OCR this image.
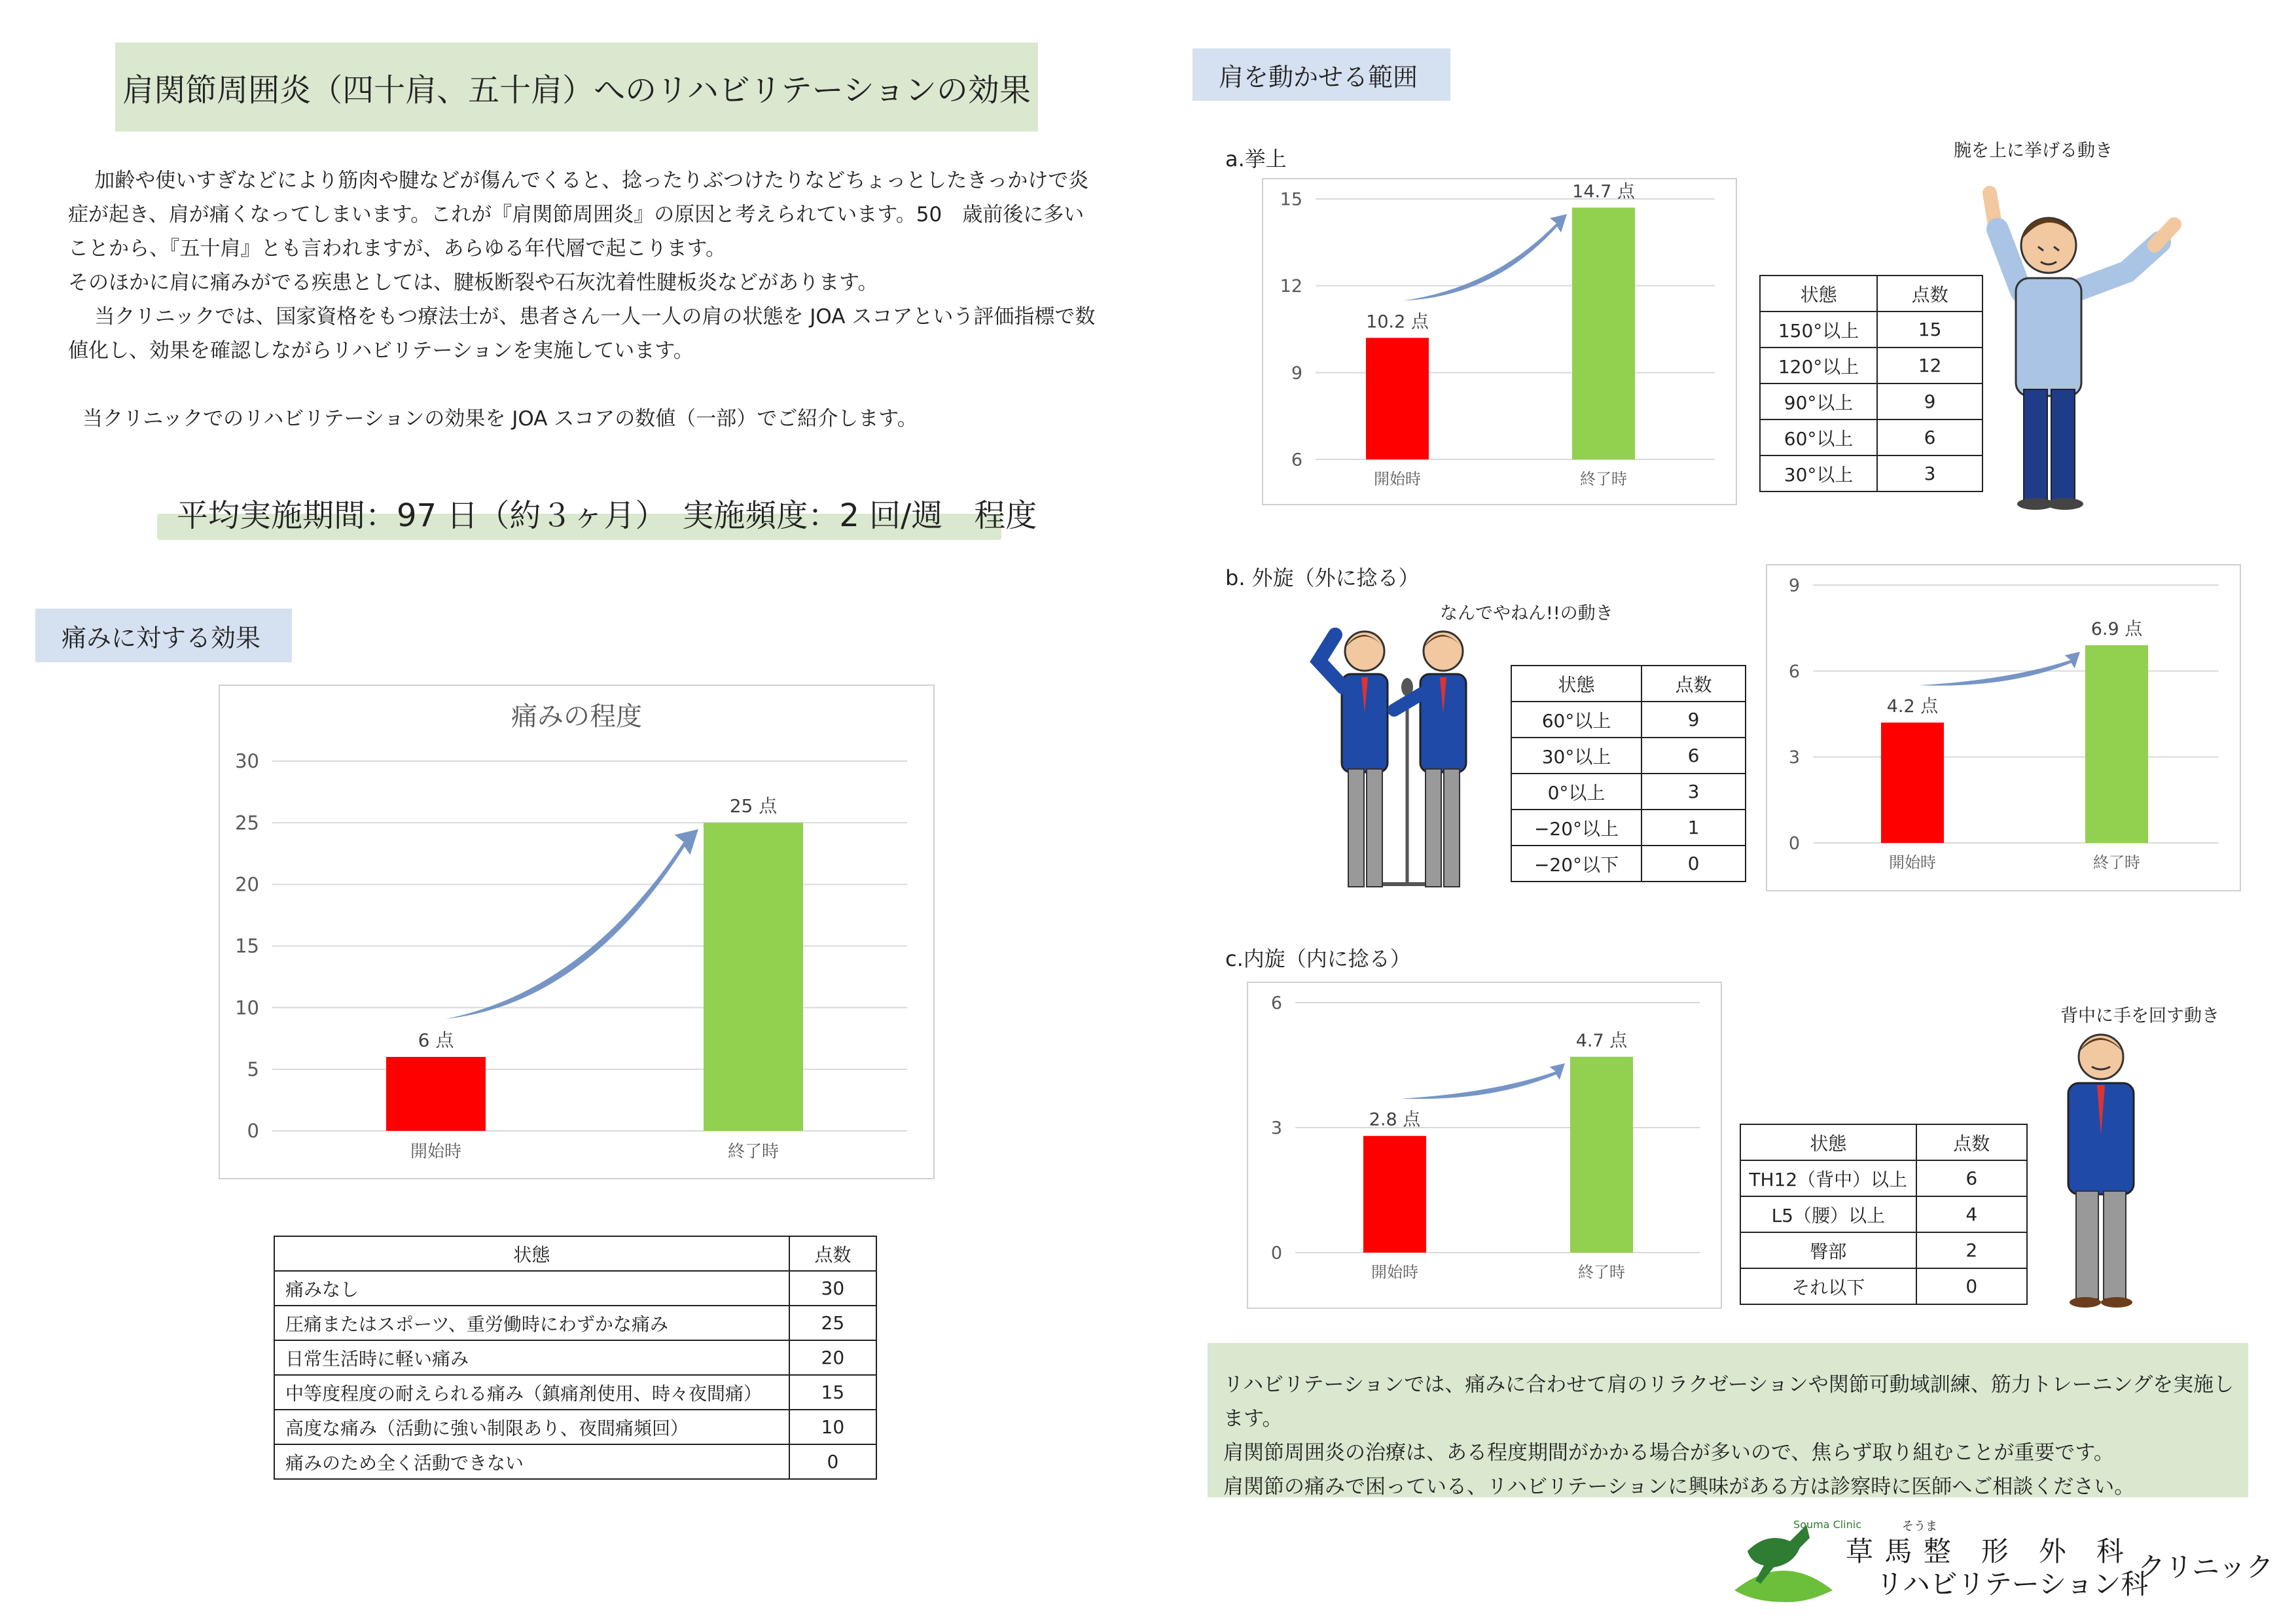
肩関節周囲炎（四十肩、五十肩）へのリハビリテーションの効果

加齢や使いすぎなどにより筋肉や腱などが傷んでくると、捻ったりぶつけたりなどちょっとしたきっかけで炎症が起き、肩が痛くなってしまいます。これが『肩関節周囲炎』の原因と考えられています。50　歳前後に多いことから、『五十肩』とも言われますが、あらゆる年代層で起こります。

そのほかに肩に痛みがでる疾患としては、腱板断裂や石灰沈着性腱板炎などがあります。

当クリニックでは、国家資格をもつ療法士が、患者さん一人一人の肩の状態を JOA スコアという評価指標で数値化し、効果を確認しながらリハビリテーションを実施しています。

当クリニックでのリハビリテーションの効果を JOA スコアの数値（一部）でご紹介します。

平均実施期間：97 日（約３ヶ月）　実施頻度：2 回/週　程度
痛みに対する効果
痛みの程度
0
5
10
15
20
25
30
6 点
開始時
25 点
終了時
状態	点数
痛みなし	30
圧痛またはスポーツ、重労働時にわずかな痛み	25
日常生活時に軽い痛み	20
中等度程度の耐えられる痛み（鎮痛剤使用、時々夜間痛）	15
高度な痛み（活動に強い制限あり、夜間痛頻回）	10
痛みのため全く活動できない	0
肩を動かせる範囲
a.挙上
6
9
12
15
10.2 点
開始時
14.7 点
終了時
腕を上に挙げる動き
状態	点数
150°以上	15
120°以上	12
90°以上	9
60°以上	6
30°以上	3
b. 外旋（外に捻る）
なんでやねん!!の動き
0
3
6
9
4.2 点
開始時
6.9 点
終了時
状態	点数
60°以上	9
30°以上	6
0°以上	3
−20°以上	1
−20°以下	0
c.内旋（内に捻る）
0
3
6
2.8 点
開始時
4.7 点
終了時
背中に手を回す動き
状態	点数
TH12（背中）以上	6
L5（腰）以上	4
臀部	2
それ以下	0

リハビリテーションでは、痛みに合わせて肩のリラクゼーションや関節可動域訓練、筋力トレーニングを実施します。

肩関節周囲炎の治療は、ある程度期間がかかる場合が多いので、焦らず取り組むことが重要です。

肩関節の痛みで困っている、リハビリテーションに興味がある方は診察時に医師へご相談ください。

Souma Clinic	そうま
草 馬 整　形　外　科
リハビリテーション科
クリニック
